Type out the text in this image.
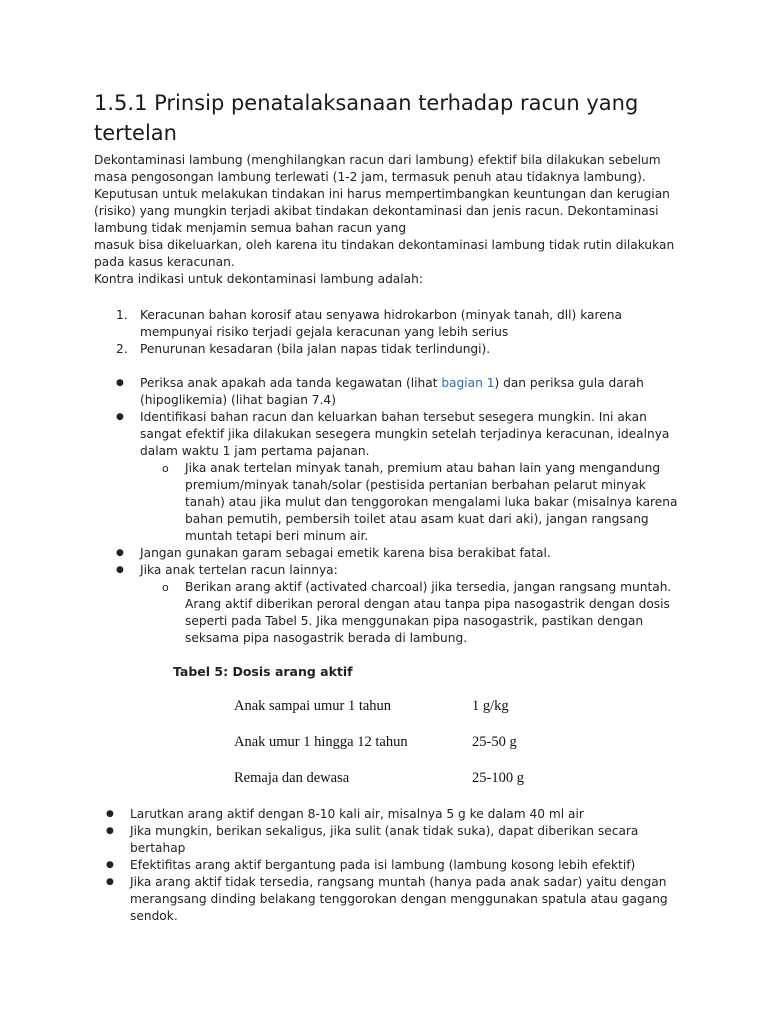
1.5.1 Prinsip penatalaksanaan terhadap racun yang
tertelan
Dekontaminasi lambung (menghilangkan racun dari lambung) efektif bila dilakukan sebelum
masa pengosongan lambung terlewati (1-2 jam, termasuk penuh atau tidaknya lambung).
Keputusan untuk melakukan tindakan ini harus mempertimbangkan keuntungan dan kerugian
(risiko) yang mungkin terjadi akibat tindakan dekontaminasi dan jenis racun. Dekontaminasi
lambung tidak menjamin semua bahan racun yang
masuk bisa dikeluarkan, oleh karena itu tindakan dekontaminasi lambung tidak rutin dilakukan
pada kasus keracunan.
Kontra indikasi untuk dekontaminasi lambung adalah:
1. Keracunan bahan korosif atau senyawa hidrokarbon (minyak tanah, dll) karena
mempunyai risiko terjadi gejala keracunan yang lebih serius
2. Penurunan kesadaran (bila jalan napas tidak terlindungi).
● Periksa anak apakah ada tanda kegawatan (lihat bagian 1) dan periksa gula darah
(hipoglikemia) (lihat bagian 7.4)
● Identifikasi bahan racun dan keluarkan bahan tersebut sesegera mungkin. Ini akan
sangat efektif jika dilakukan sesegera mungkin setelah terjadinya keracunan, idealnya
dalam waktu 1 jam pertama pajanan.
o Jika anak tertelan minyak tanah, premium atau bahan lain yang mengandung
premium/minyak tanah/solar (pestisida pertanian berbahan pelarut minyak
tanah) atau jika mulut dan tenggorokan mengalami luka bakar (misalnya karena
bahan pemutih, pembersih toilet atau asam kuat dari aki), jangan rangsang
muntah tetapi beri minum air.
● Jangan gunakan garam sebagai emetik karena bisa berakibat fatal.
● Jika anak tertelan racun lainnya:
o Berikan arang aktif (activated charcoal) jika tersedia, jangan rangsang muntah.
Arang aktif diberikan peroral dengan atau tanpa pipa nasogastrik dengan dosis
seperti pada Tabel 5. Jika menggunakan pipa nasogastrik, pastikan dengan
seksama pipa nasogastrik berada di lambung.
Tabel 5: Dosis arang aktif
Anak sampai umur 1 tahun	1 g/kg
Anak umur 1 hingga 12 tahun	25-50 g
Remaja dan dewasa	25-100 g
● Larutkan arang aktif dengan 8-10 kali air, misalnya 5 g ke dalam 40 ml air
● Jika mungkin, berikan sekaligus, jika sulit (anak tidak suka), dapat diberikan secara
bertahap
● Efektifitas arang aktif bergantung pada isi lambung (lambung kosong lebih efektif)
● Jika arang aktif tidak tersedia, rangsang muntah (hanya pada anak sadar) yaitu dengan
merangsang dinding belakang tenggorokan dengan menggunakan spatula atau gagang
sendok.
